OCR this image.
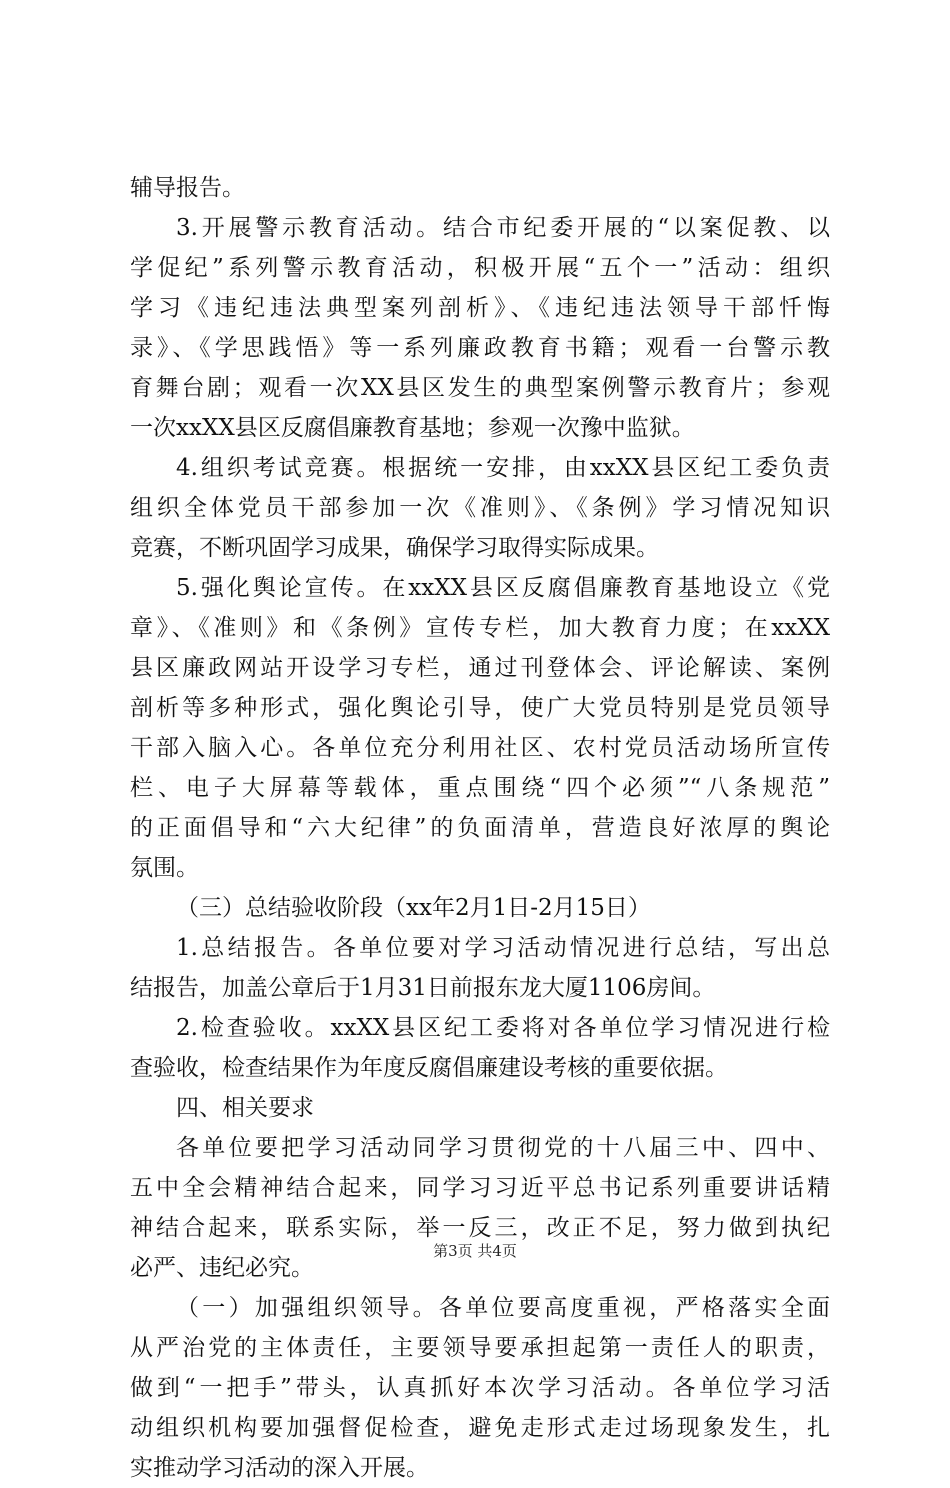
辅导报告。
3.开展警示教育活动。结合市纪委开展的“以案促教、以
学促纪”系列警示教育活动，积极开展“五个一”活动：组织
学习《违纪违法典型案列剖析》、《违纪违法领导干部忏悔
录》、《学思践悟》等一系列廉政教育书籍；观看一台警示教
育舞台剧；观看一次XX县区发生的典型案例警示教育片；参观
一次xxXX县区反腐倡廉教育基地；参观一次豫中监狱。
4.组织考试竞赛。根据统一安排，由xxXX县区纪工委负责
组织全体党员干部参加一次《准则》、《条例》学习情况知识
竞赛，不断巩固学习成果，确保学习取得实际成果。
5.强化舆论宣传。在xxXX县区反腐倡廉教育基地设立《党
章》、《准则》和《条例》宣传专栏，加大教育力度；在xxXX
县区廉政网站开设学习专栏，通过刊登体会、评论解读、案例
剖析等多种形式，强化舆论引导，使广大党员特别是党员领导
干部入脑入心。各单位充分利用社区、农村党员活动场所宣传
栏、电子大屏幕等载体，重点围绕“四个必须”“八条规范”
的正面倡导和“六大纪律”的负面清单，营造良好浓厚的舆论
氛围。
（三）总结验收阶段（xx年2月1日-2月15日）
1.总结报告。各单位要对学习活动情况进行总结，写出总
结报告，加盖公章后于1月31日前报东龙大厦1106房间。
2.检查验收。xxXX县区纪工委将对各单位学习情况进行检
查验收，检查结果作为年度反腐倡廉建设考核的重要依据。
四、相关要求
各单位要把学习活动同学习贯彻党的十八届三中、四中、
五中全会精神结合起来，同学习习近平总书记系列重要讲话精
神结合起来，联系实际，举一反三，改正不足，努力做到执纪
必严、违纪必究。
（一）加强组织领导。各单位要高度重视，严格落实全面
从严治党的主体责任，主要领导要承担起第一责任人的职责，
做到“一把手”带头，认真抓好本次学习活动。各单位学习活
动组织机构要加强督促检查，避免走形式走过场现象发生，扎
实推动学习活动的深入开展。
第3页 共4页
